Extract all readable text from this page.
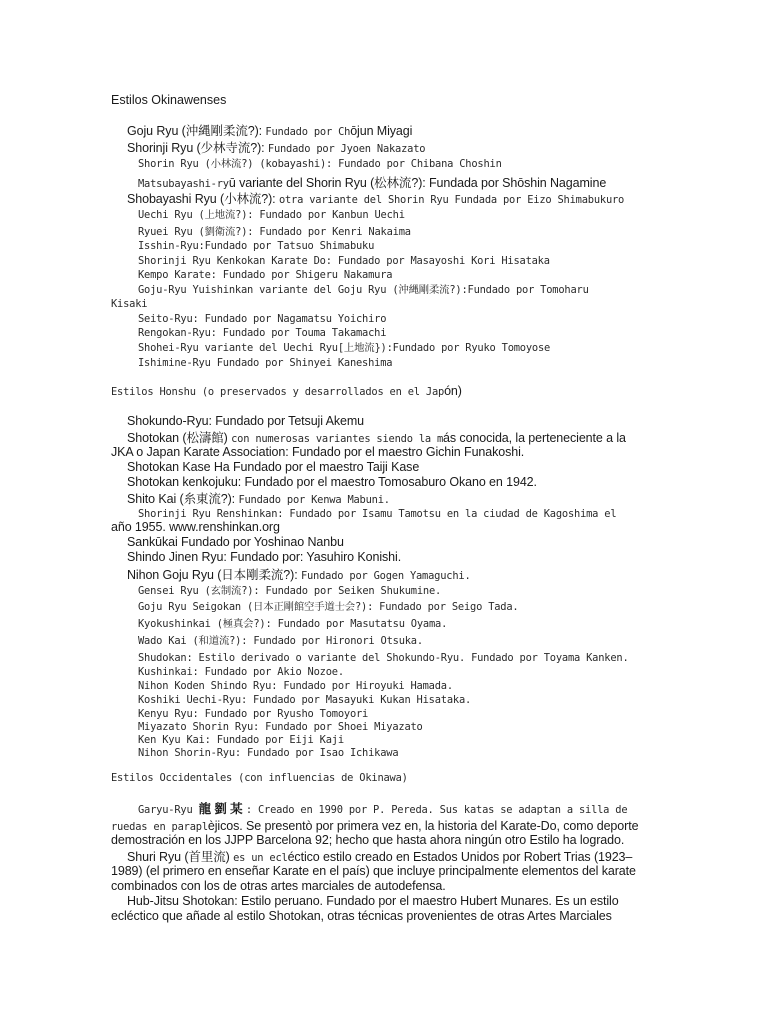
Estilos Okinawenses
Goju Ryu (沖縄剛柔流?): Fundado por Chōjun Miyagi
Shorinji Ryu (少林寺流?): Fundado por Jyoen Nakazato
Shorin Ryu (小林流?) (kobayashi): Fundado por Chibana Choshin
Matsubayashi-ryū variante del Shorin Ryu (松林流?): Fundada por Shōshin Nagamine
Shobayashi Ryu (小林流?): otra variante del Shorin Ryu Fundada por Eizo Shimabukuro
Uechi Ryu (上地流?): Fundado por Kanbun Uechi
Ryuei Ryu (劉衛流?): Fundado por Kenri Nakaima
Isshin-Ryu:Fundado por Tatsuo Shimabuku
Shorinji Ryu Kenkokan Karate Do: Fundado por Masayoshi Kori Hisataka
Kempo Karate: Fundado por Shigeru Nakamura
Goju-Ryu Yuishinkan variante del Goju Ryu (沖縄剛柔流?):Fundado por Tomoharu
Kisaki
Seito-Ryu: Fundado por Nagamatsu Yoichiro
Rengokan-Ryu: Fundado por Touma Takamachi
Shohei-Ryu variante del Uechi Ryu[上地流}):Fundado por Ryuko Tomoyose
Ishimine-Ryu Fundado por Shinyei Kaneshima
Estilos Honshu (o preservados y desarrollados en el Japón)
Shokundo-Ryu: Fundado por Tetsuji Akemu
Shotokan (松濤館) con numerosas variantes siendo la más conocida, la perteneciente a la
JKA o Japan Karate Association: Fundado por el maestro Gichin Funakoshi.
Shotokan Kase Ha Fundado por el maestro Taiji Kase
Shotokan kenkojuku: Fundado por el maestro Tomosaburo Okano en 1942.
Shito Kai (糸東流?): Fundado por Kenwa Mabuni.
Shorinji Ryu Renshinkan: Fundado por Isamu Tamotsu en la ciudad de Kagoshima el
año 1955. www.renshinkan.org
Sankūkai Fundado por Yoshinao Nanbu
Shindo Jinen Ryu: Fundado por: Yasuhiro Konishi.
Nihon Goju Ryu (日本剛柔流?): Fundado por Gogen Yamaguchi.
Gensei Ryu (玄制流?): Fundado por Seiken Shukumine.
Goju Ryu Seigokan (日本正剛館空手道士会?): Fundado por Seigo Tada.
Kyokushinkai (極真会?): Fundado por Masutatsu Oyama.
Wado Kai (和道流?): Fundado por Hironori Otsuka.
Shudokan: Estilo derivado o variante del Shokundo-Ryu. Fundado por Toyama Kanken.
Kushinkai: Fundado por Akio Nozoe.
Nihon Koden Shindo Ryu: Fundado por Hiroyuki Hamada.
Koshiki Uechi-Ryu: Fundado por Masayuki Kukan Hisataka.
Kenyu Ryu: Fundado por Ryusho Tomoyori
Miyazato Shorin Ryu: Fundado por Shoei Miyazato
Ken Kyu Kai: Fundado por Eiji Kaji
Nihon Shorin-Ryu: Fundado por Isao Ichikawa
Estilos Occidentales (con influencias de Okinawa)
Garyu-Ryu 龍 劉 某 : Creado en 1990 por P. Pereda. Sus katas se adaptan a silla de
ruedas en paraplèjicos. Se presentò por primera vez en, la historia del Karate-Do, como deporte
demostración en los JJPP Barcelona 92; hecho que hasta ahora ningún otro Estilo ha logrado.
Shuri Ryu (首里流) es un ecléctico estilo creado en Estados Unidos por Robert Trias (1923–
1989) (el primero en enseñar Karate en el país) que incluye principalmente elementos del karate
combinados con los de otras artes marciales de autodefensa.
Hub-Jitsu Shotokan: Estilo peruano. Fundado por el maestro Hubert Munares. Es un estilo
ecléctico que añade al estilo Shotokan, otras técnicas provenientes de otras Artes Marciales
